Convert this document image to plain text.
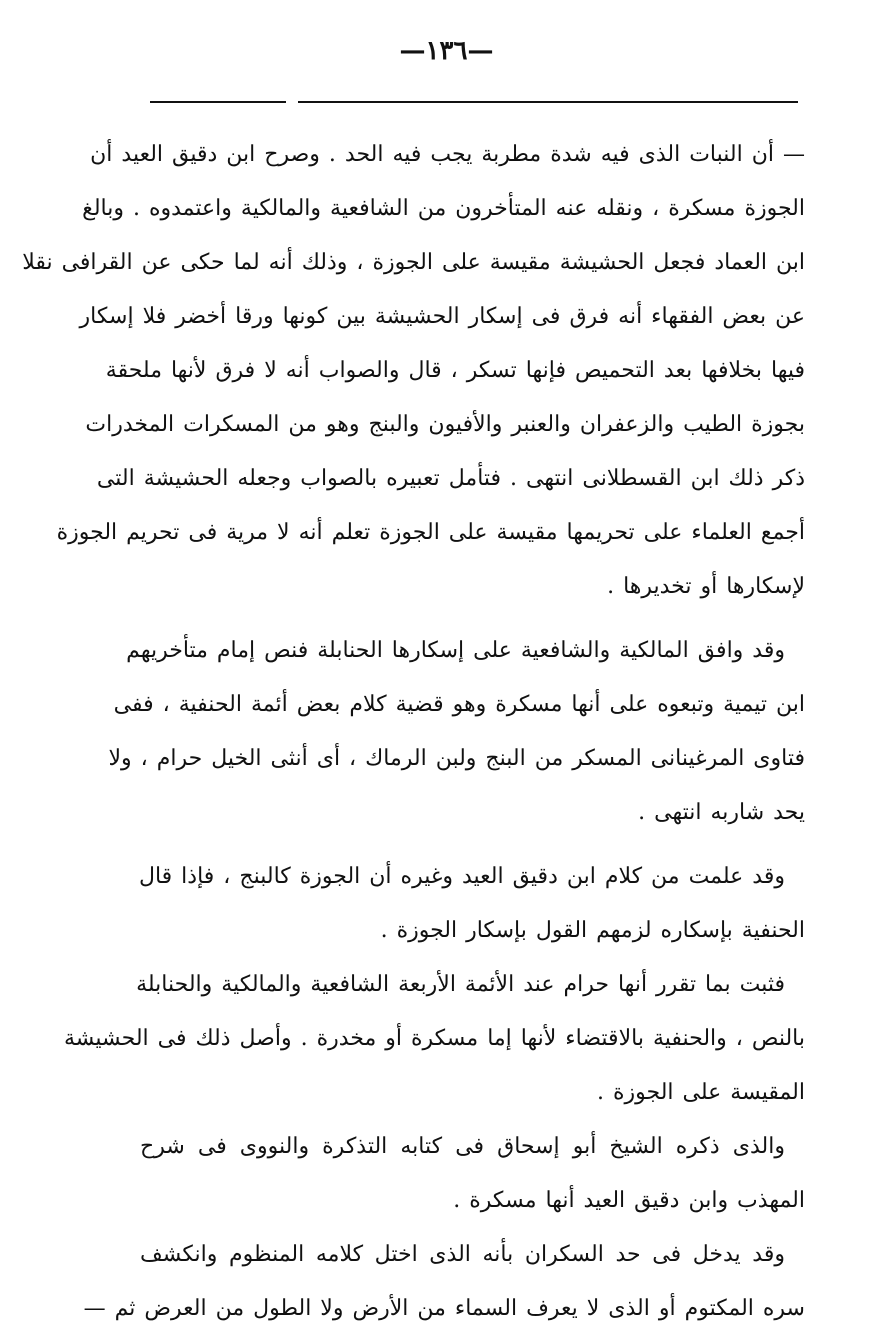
—١٣٦—
— أن النبات الذى فيه شدة مطربة يجب فيه الحد . وصرح ابن دقيق العيد أن
الجوزة مسكرة ، ونقله عنه المتأخرون من الشافعية والمالكية واعتمدوه . وبالغ
ابن العماد فجعل الحشيشة مقيسة على الجوزة ، وذلك أنه لما حكى عن القرافى نقلا
عن بعض الفقهاء أنه فرق فى إسكار الحشيشة بين كونها ورقا أخضر فلا إسكار
فيها بخلافها بعد التحميص فإنها تسكر ، قال والصواب أنه لا فرق لأنها ملحقة
بجوزة الطيب والزعفران والعنبر والأفيون والبنج وهو من المسكرات المخدرات
ذكر ذلك ابن القسطلانى انتهى . فتأمل تعبيره بالصواب وجعله الحشيشة التى
أجمع العلماء على تحريمها مقيسة على الجوزة تعلم أنه لا مرية فى تحريم الجوزة
لإسكارها أو تخديرها .
وقد وافق المالكية والشافعية على إسكارها الحنابلة فنص إمام متأخريهم
ابن تيمية وتبعوه على أنها مسكرة وهو قضية كلام بعض أئمة الحنفية ، ففى
فتاوى المرغينانى المسكر من البنج ولبن الرماك ، أى أنثى الخيل حرام ، ولا
يحد شاربه انتهى .
وقد علمت من كلام ابن دقيق العيد وغيره أن الجوزة كالبنج ، فإذا قال
الحنفية بإسكاره لزمهم القول بإسكار الجوزة .
فثبت بما تقرر أنها حرام عند الأئمة الأربعة الشافعية والمالكية والحنابلة
بالنص ، والحنفية بالاقتضاء لأنها إما مسكرة أو مخدرة . وأصل ذلك فى الحشيشة
المقيسة على الجوزة .
والذى ذكره الشيخ أبو إسحاق فى كتابه التذكرة والنووى فى شرح
المهذب وابن دقيق العيد أنها مسكرة .
وقد يدخل فى حد السكران بأنه الذى اختل كلامه المنظوم وانكشف
سره المكتوم أو الذى لا يعرف السماء من الأرض ولا الطول من العرض ثم —
